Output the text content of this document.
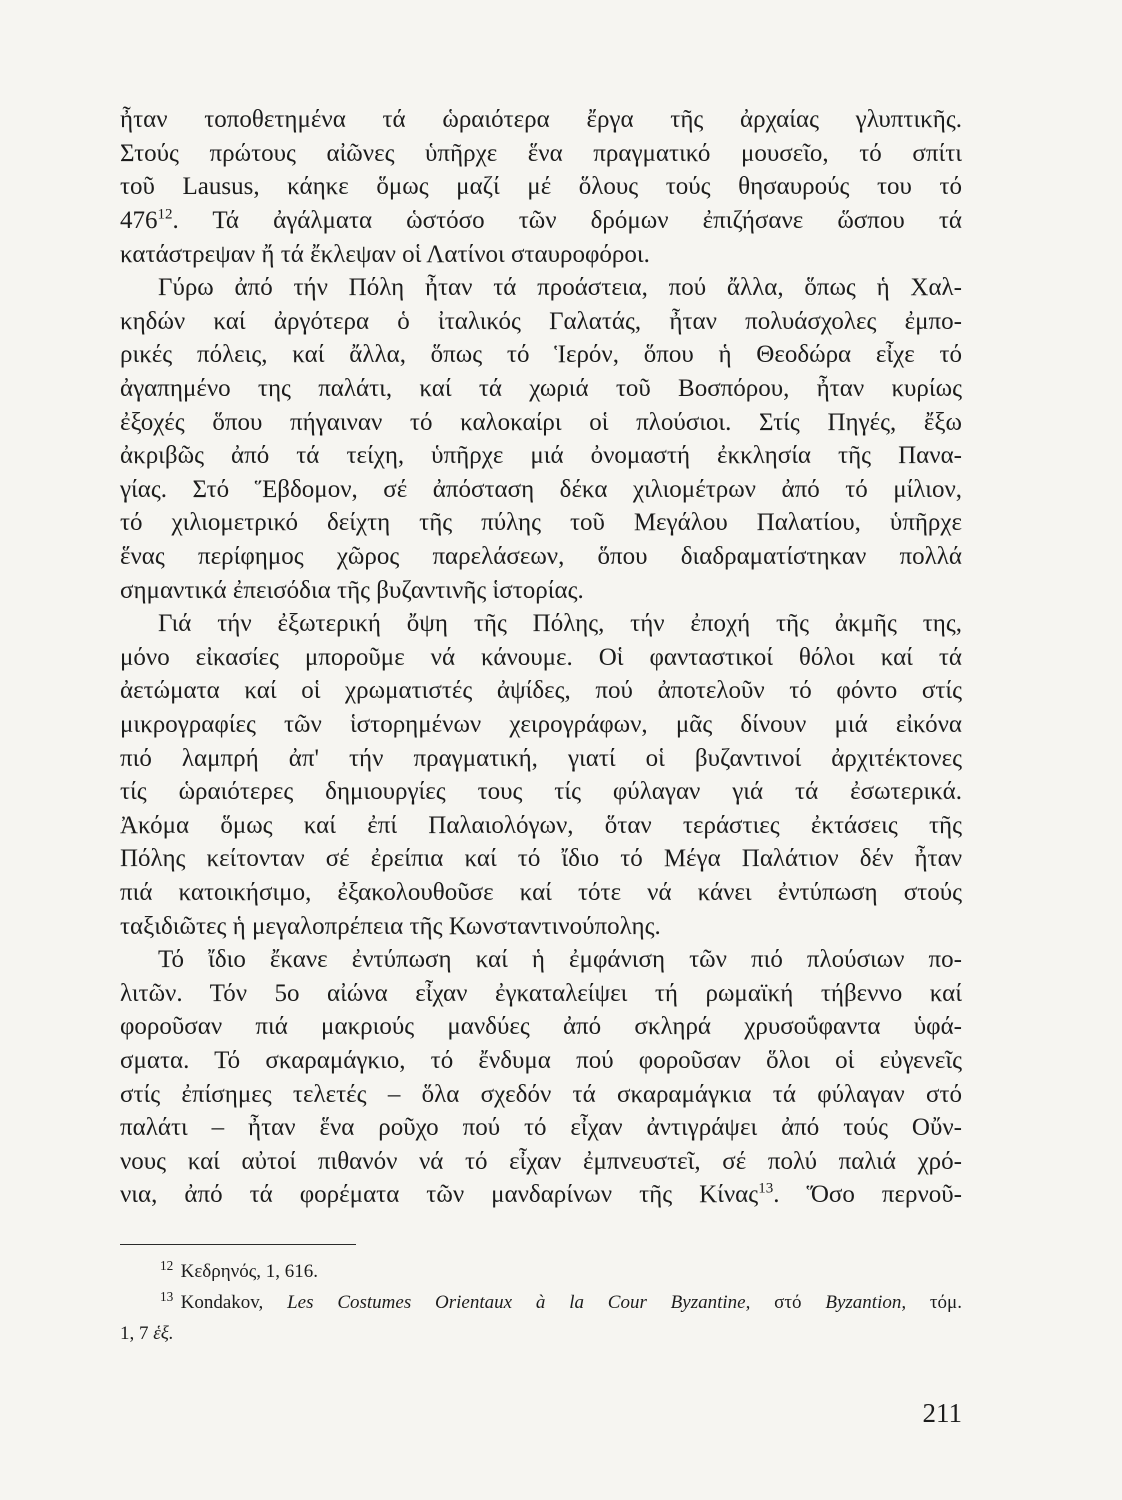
ἦταν τοποθετημένα τά ὡραιότερα ἔργα τῆς ἀρχαίας γλυπτικῆς.
Στούς πρώτους αἰῶνες ὑπῆρχε ἕνα πραγματικό μουσεῖο, τό σπίτι
τοῦ Lausus, κάηκε ὅμως μαζί μέ ὅλους τούς θησαυρούς του τό
$476^{12}$. Τά ἀγάλματα ὡστόσο τῶν δρόμων ἐπιζήσανε ὥσπου τά
κατάστρεψαν ἤ τά ἔκλεψαν οἱ Λατίνοι σταυροφόροι.
Γύρω ἀπό τήν Πόλη ἦταν τά προάστεια, πού ἄλλα, ὅπως ἡ Χαλ-
κηδών καί ἀργότερα ὁ ἰταλικός Γαλατάς, ἦταν πολυάσχολες ἐμπο-
ρικές πόλεις, καί ἄλλα, ὅπως τό Ἱερόν, ὅπου ἡ Θεοδώρα εἶχε τό
ἀγαπημένο της παλάτι, καί τά χωριά τοῦ Βοσπόρου, ἦταν κυρίως
ἐξοχές ὅπου πήγαιναν τό καλοκαίρι οἱ πλούσιοι. Στίς Πηγές, ἔξω
ἀκριβῶς ἀπό τά τείχη, ὑπῆρχε μιά ὀνομαστή ἐκκλησία τῆς Πανα-
γίας. Στό Ἕβδομον, σέ ἀπόσταση δέκα χιλιομέτρων ἀπό τό μίλιον,
τό χιλιομετρικό δείχτη τῆς πύλης τοῦ Μεγάλου Παλατίου, ὑπῆρχε
ἕνας περίφημος χῶρος παρελάσεων, ὅπου διαδραματίστηκαν πολλά
σημαντικά ἐπεισόδια τῆς βυζαντινῆς ἱστορίας.
Γιά τήν ἐξωτερική ὄψη τῆς Πόλης, τήν ἐποχή τῆς ἀκμῆς της,
μόνο εἰκασίες μποροῦμε νά κάνουμε. Οἱ φανταστικοί θόλοι καί τά
ἀετώματα καί οἱ χρωματιστές ἀψίδες, πού ἀποτελοῦν τό φόντο στίς
μικρογραφίες τῶν ἱστορημένων χειρογράφων, μᾶς δίνουν μιά εἰκόνα
πιό λαμπρή ἀπ' τήν πραγματική, γιατί οἱ βυζαντινοί ἀρχιτέκτονες
τίς ὡραιότερες δημιουργίες τους τίς φύλαγαν γιά τά ἐσωτερικά.
Ἀκόμα ὅμως καί ἐπί Παλαιολόγων, ὅταν τεράστιες ἐκτάσεις τῆς
Πόλης κείτονταν σέ ἐρείπια καί τό ἴδιο τό Μέγα Παλάτιον δέν ἦταν
πιά κατοικήσιμο, ἐξακολουθοῦσε καί τότε νά κάνει ἐντύπωση στούς
ταξιδιῶτες ἡ μεγαλοπρέπεια τῆς Κωνσταντινούπολης.
Τό ἴδιο ἔκανε ἐντύπωση καί ἡ ἐμφάνιση τῶν πιό πλούσιων πο-
λιτῶν. Τόν 5ο αἰώνα εἶχαν ἐγκαταλείψει τή ρωμαϊκή τήβεννο καί
φοροῦσαν πιά μακριούς μανδύες ἀπό σκληρά χρυσοΰφαντα ὑφά-
σματα. Τό σκαραμάγκιο, τό ἔνδυμα πού φοροῦσαν ὅλοι οἱ εὐγενεῖς
στίς ἐπίσημες τελετές – ὅλα σχεδόν τά σκαραμάγκια τά φύλαγαν στό
παλάτι – ἦταν ἕνα ροῦχο πού τό εἶχαν ἀντιγράψει ἀπό τούς Οὔν-
νους καί αὐτοί πιθανόν νά τό εἶχαν ἐμπνευστεῖ, σέ πολύ παλιά χρό-
νια, ἀπό τά φορέματα τῶν μανδαρίνων τῆς Κίνας$^{13}$. Ὅσο περνοῦ-
$^{12}$ Κεδρηνός, 1, 616.
$^{13}$ Kondakov, Les Costumes Orientaux à la Cour Byzantine, στό Byzantion, τόμ.
1, 7 ἑξ.
211
